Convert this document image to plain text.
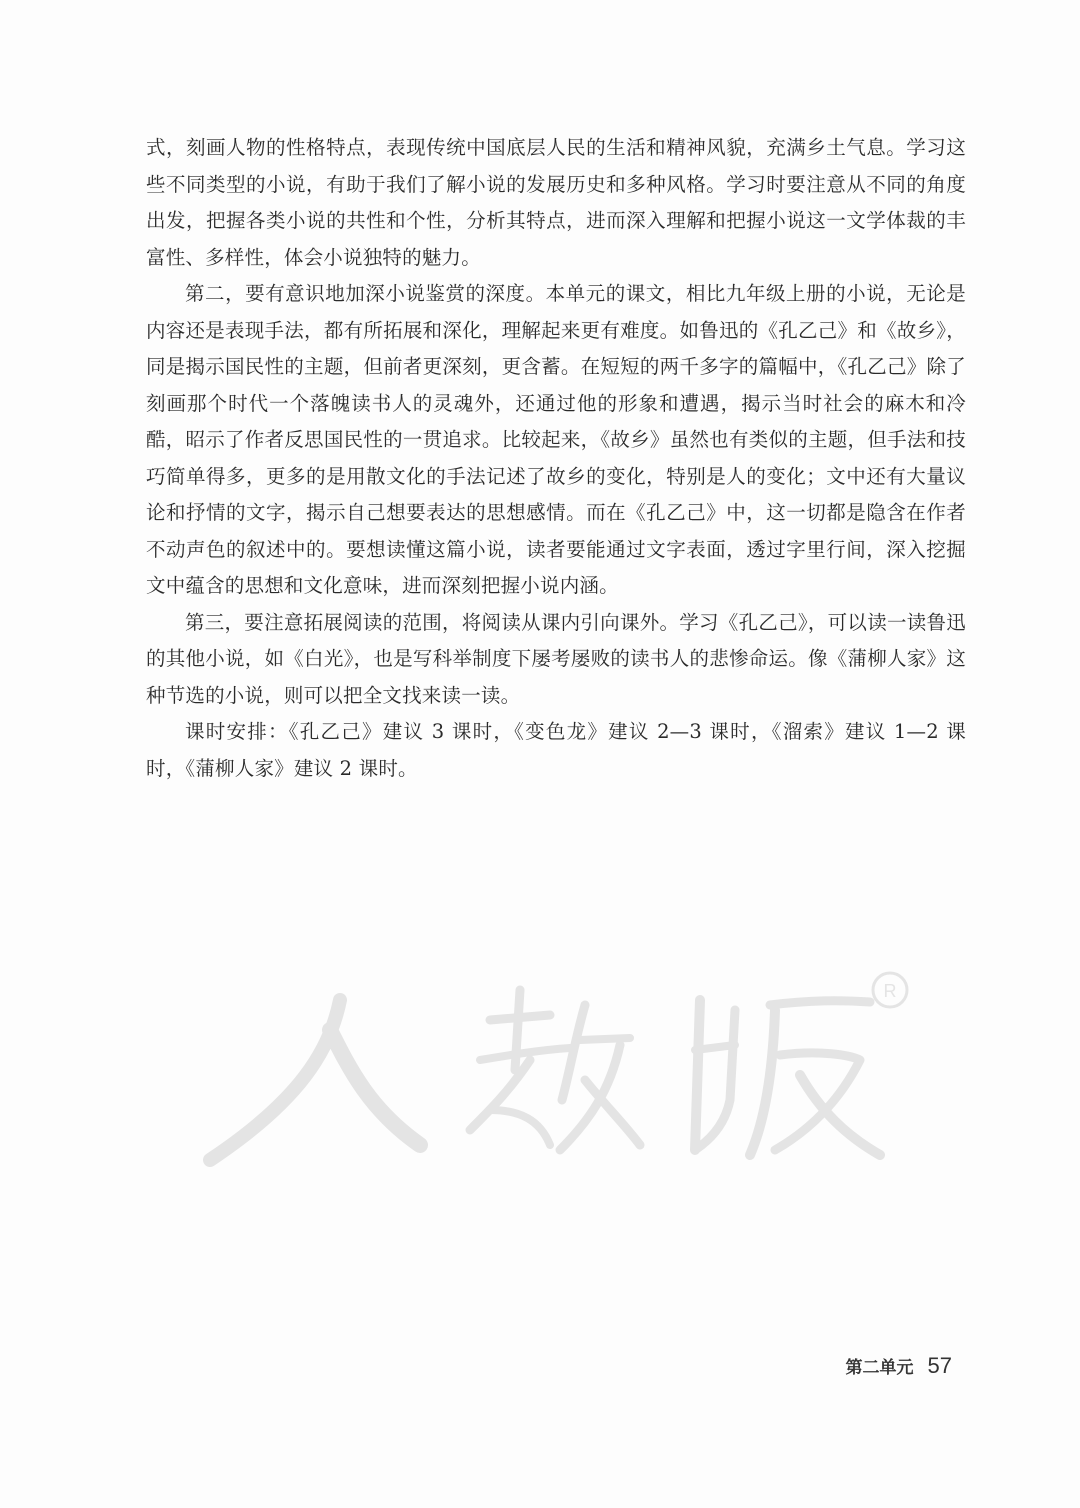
式，刻画人物的性格特点，表现传统中国底层人民的生活和精神风貌，充满乡土气息。学习这些不同类型的小说，有助于我们了解小说的发展历史和多种风格。学习时要注意从不同的角度出发，把握各类小说的共性和个性，分析其特点，进而深入理解和把握小说这一文学体裁的丰富性、多样性，体会小说独特的魅力。

第二，要有意识地加深小说鉴赏的深度。本单元的课文，相比九年级上册的小说，无论是内容还是表现手法，都有所拓展和深化，理解起来更有难度。如鲁迅的《孔乙己》和《故乡》，同是揭示国民性的主题，但前者更深刻，更含蓄。在短短的两千多字的篇幅中，《孔乙己》除了刻画那个时代一个落魄读书人的灵魂外，还通过他的形象和遭遇，揭示当时社会的麻木和冷酷，昭示了作者反思国民性的一贯追求。比较起来，《故乡》虽然也有类似的主题，但手法和技巧简单得多，更多的是用散文化的手法记述了故乡的变化，特别是人的变化；文中还有大量议论和抒情的文字，揭示自己想要表达的思想感情。而在《孔乙己》中，这一切都是隐含在作者不动声色的叙述中的。要想读懂这篇小说，读者要能通过文字表面，透过字里行间，深入挖掘文中蕴含的思想和文化意味，进而深刻把握小说内涵。

第三，要注意拓展阅读的范围，将阅读从课内引向课外。学习《孔乙己》，可以读一读鲁迅的其他小说，如《白光》，也是写科举制度下屡考屡败的读书人的悲惨命运。像《蒲柳人家》这种节选的小说，则可以把全文找来读一读。

课时安排：《孔乙己》建议 3 课时，《变色龙》建议 2—3 课时，《溜索》建议 1—2 课时，《蒲柳人家》建议 2 课时。

R
第二单元 57
